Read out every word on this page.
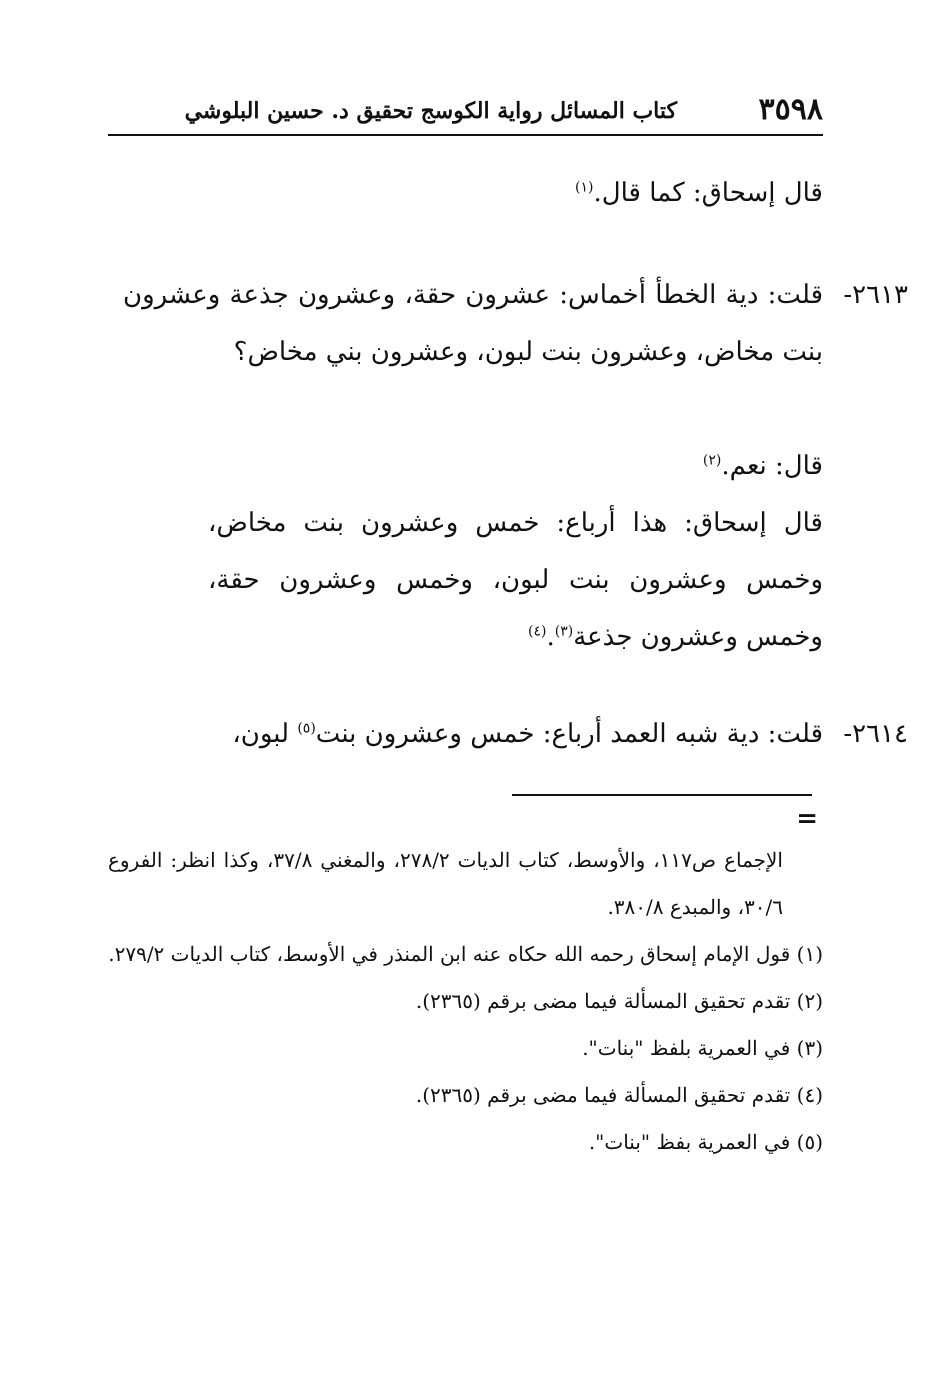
٣٥٩٨
كتاب المسائل رواية الكوسج تحقيق د. حسين البلوشي
قال إسحاق: كما قال.$^{(١)}$
٢٦١٣-
قلت: دية الخطأ أخماس: عشرون حقة، وعشرون جذعة وعشرون بنت مخاض، وعشرون بنت لبون، وعشرون بني مخاض؟
قال: نعم.$^{(٢)}$
قال إسحاق: هذا أرباع: خمس وعشرون بنت مخاض، وخمس وعشرون بنت لبون، وخمس وعشرون حقة، وخمس وعشرون جذعة$^{(٣)}$.$^{(٤)}$
٢٦١٤-
قلت: دية شبه العمد أرباع: خمس وعشرون بنت$^{(٥)}$ لبون،
=
الإجماع ص١١٧، والأوسط، كتاب الديات ٢٧٨/٢، والمغني ٣٧/٨، وكذا انظر: الفروع ٣٠/٦، والمبدع ٣٨٠/٨.
(١) قول الإمام إسحاق رحمه الله حكاه عنه ابن المنذر في الأوسط، كتاب الديات ٢٧٩/٢.
(٢) تقدم تحقيق المسألة فيما مضى برقم (٢٣٦٥).
(٣) في العمرية بلفظ "بنات".
(٤) تقدم تحقيق المسألة فيما مضى برقم (٢٣٦٥).
(٥) في العمرية بفظ "بنات".
